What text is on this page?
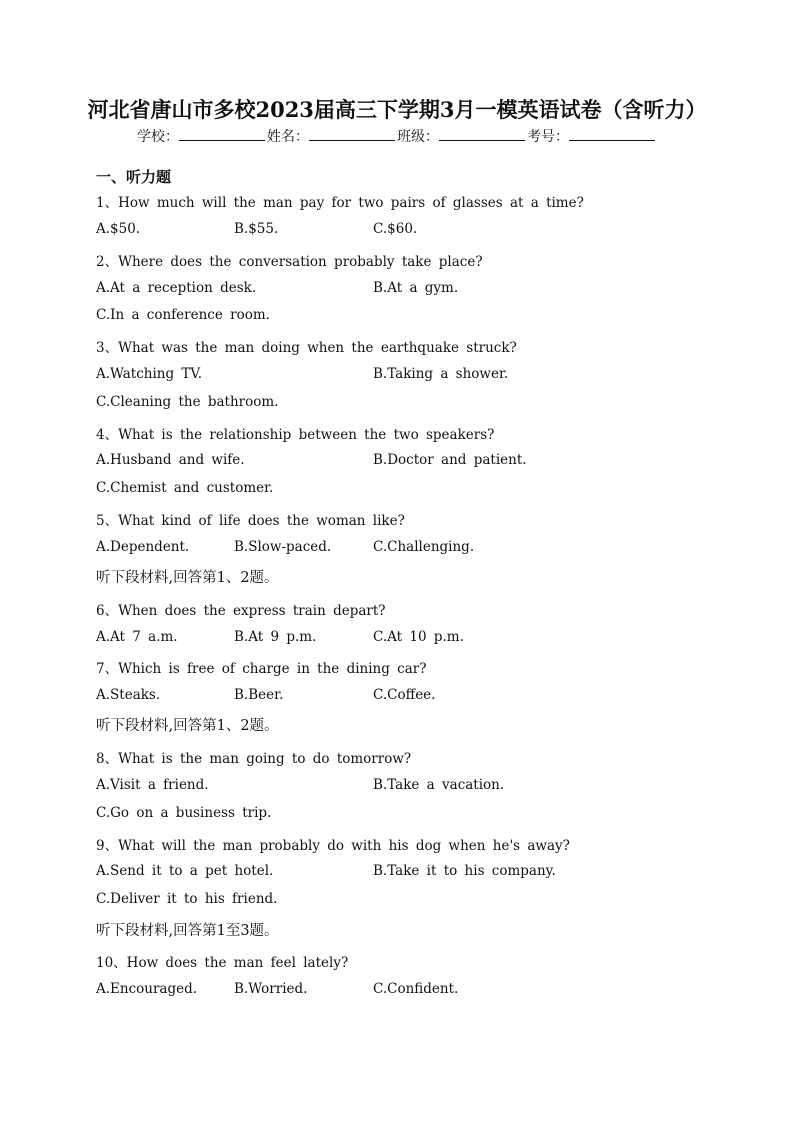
河北省唐山市多校2023届高三下学期3月一模英语试卷（含听力）
学校：	姓名：	班级：	考号：
一、听力题
1、How much will the man pay for two pairs of glasses at a time?
A.$50.	B.$55.	C.$60.
2、Where does the conversation probably take place?
A.At a reception desk.	B.At a gym.
C.In a conference room.
3、What was the man doing when the earthquake struck?
A.Watching TV.	B.Taking a shower.
C.Cleaning the bathroom.
4、What is the relationship between the two speakers?
A.Husband and wife.	B.Doctor and patient.
C.Chemist and customer.
5、What kind of life does the woman like?
A.Dependent.	B.Slow-paced.	C.Challenging.
听下段材料,回答第1、2题。
6、When does the express train depart?
A.At 7 a.m.	B.At 9 p.m.	C.At 10 p.m.
7、Which is free of charge in the dining car?
A.Steaks.	B.Beer.	C.Coffee.
听下段材料,回答第1、2题。
8、What is the man going to do tomorrow?
A.Visit a friend.	B.Take a vacation.
C.Go on a business trip.
9、What will the man probably do with his dog when he's away?
A.Send it to a pet hotel.	B.Take it to his company.
C.Deliver it to his friend.
听下段材料,回答第1至3题。
10、How does the man feel lately?
A.Encouraged.	B.Worried.	C.Confident.
